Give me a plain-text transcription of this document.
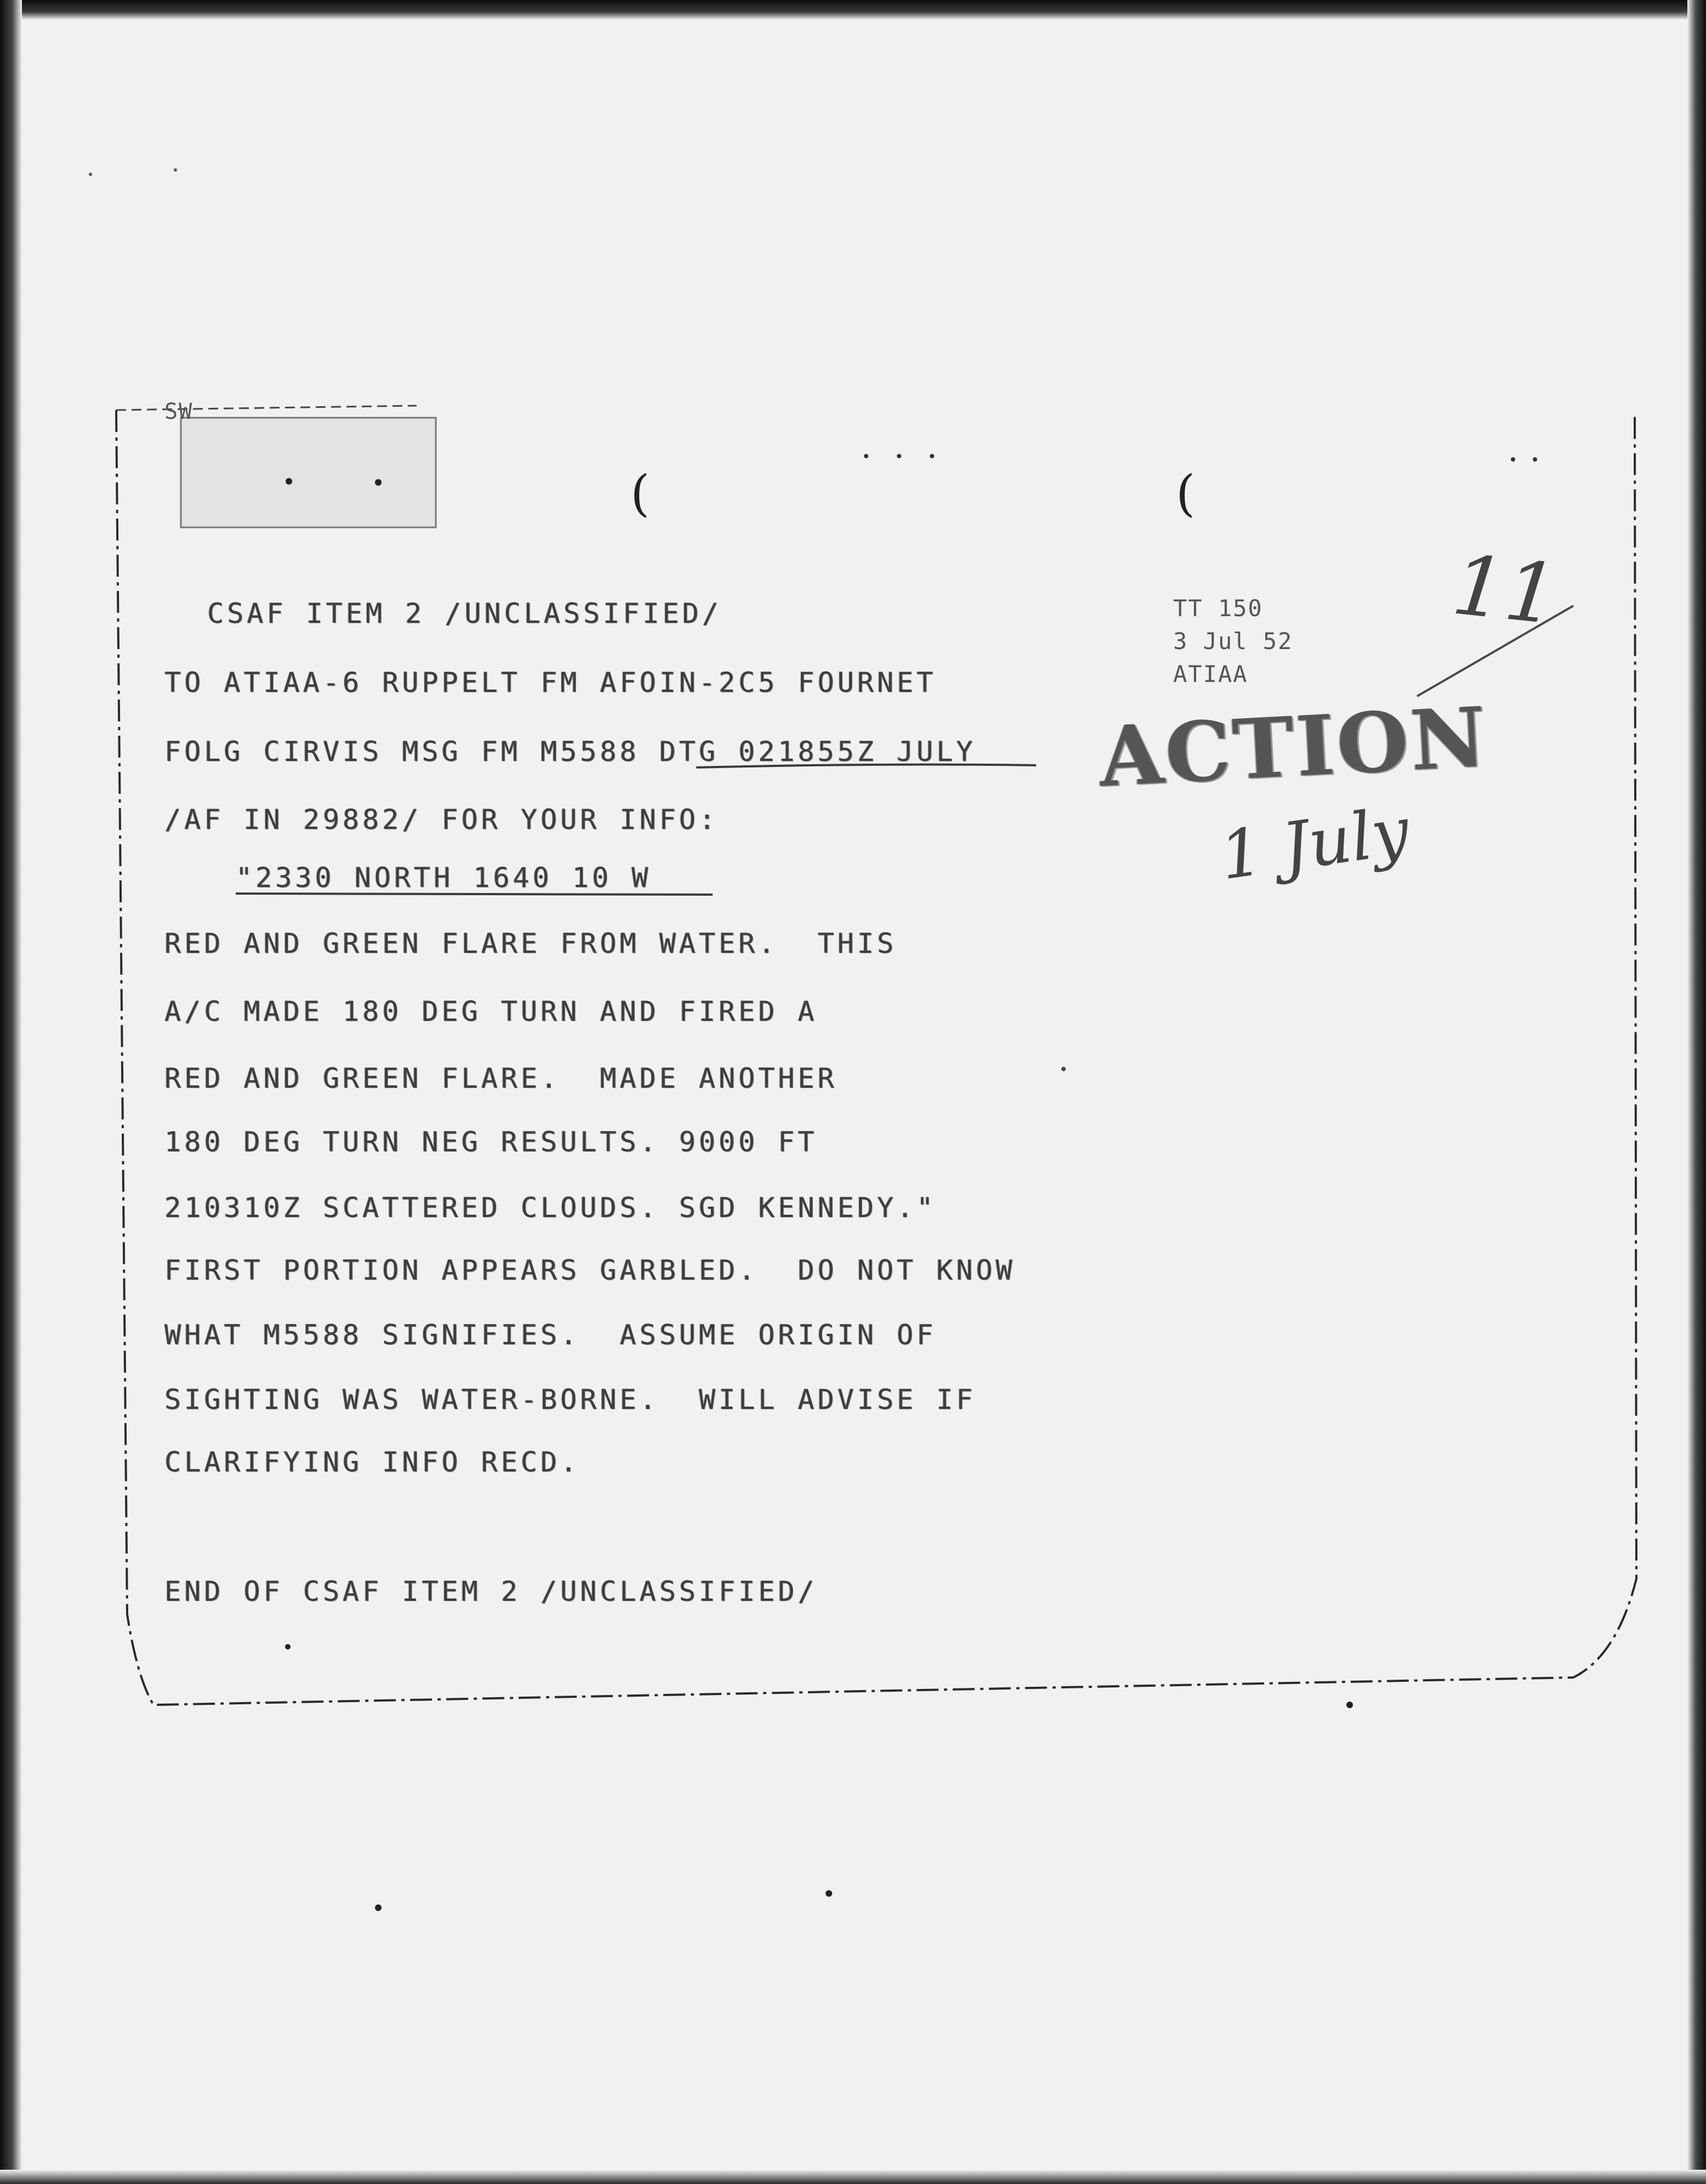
SW
(	(
CSAF ITEM 2 /UNCLASSIFIED/
TO ATIAA-6 RUPPELT FM AFOIN-2C5 FOURNET
FOLG CIRVIS MSG FM M5588 DTG 021855Z JULY
/AF IN 29882/ FOR YOUR INFO:
"2330 NORTH 1640 10 W
RED AND GREEN FLARE FROM WATER.  THIS
A/C MADE 180 DEG TURN AND FIRED A
RED AND GREEN FLARE.  MADE ANOTHER
180 DEG TURN NEG RESULTS. 9000 FT
210310Z SCATTERED CLOUDS. SGD KENNEDY."
FIRST PORTION APPEARS GARBLED.  DO NOT KNOW
WHAT M5588 SIGNIFIES.  ASSUME ORIGIN OF
SIGHTING WAS WATER-BORNE.  WILL ADVISE IF
CLARIFYING INFO RECD.
END OF CSAF ITEM 2 /UNCLASSIFIED/
TT 150
3 Jul 52
ATIAA
ACTION
1 July
11
